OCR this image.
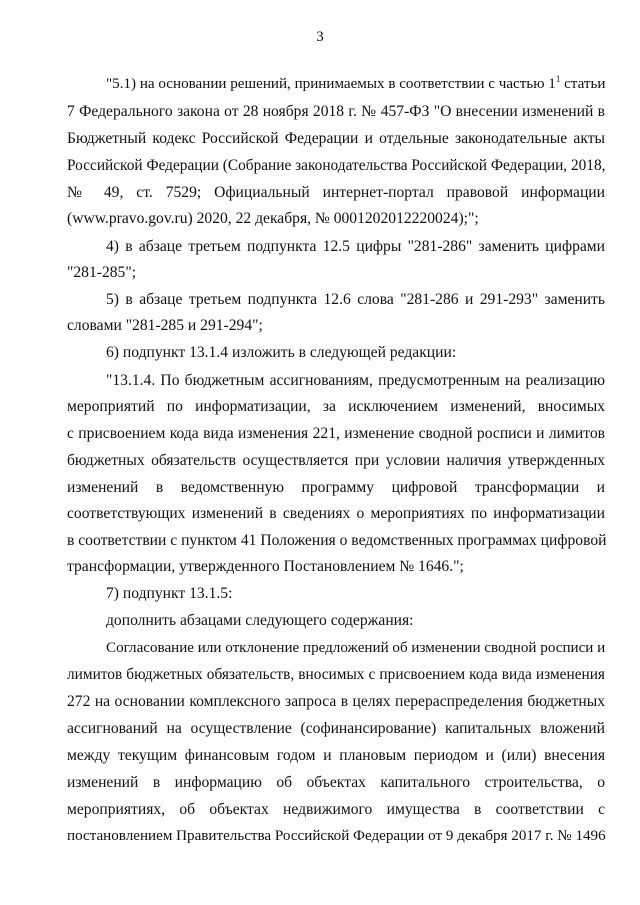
3
"5.1) на основании решений, принимаемых в соответствии с частью $1^1$ статьи
7 Федерального закона от 28 ноября 2018 г. № 457-ФЗ "О внесении изменений в
Бюджетный кодекс Российской Федерации и отдельные законодательные акты
Российской Федерации (Собрание законодательства Российской Федерации, 2018,
№ 49, ст. 7529; Официальный интернет-портал правовой информации
(www.pravo.gov.ru) 2020, 22 декабря, № 0001202012220024);";
4) в абзаце третьем подпункта 12.5 цифры "281-286" заменить цифрами
"281-285";
5) в абзаце третьем подпункта 12.6 слова "281-286 и 291-293" заменить
словами "281-285 и 291-294";
6) подпункт 13.1.4 изложить в следующей редакции:
"13.1.4. По бюджетным ассигнованиям, предусмотренным на реализацию
мероприятий по информатизации, за исключением изменений, вносимых
с присвоением кода вида изменения 221, изменение сводной росписи и лимитов
бюджетных обязательств осуществляется при условии наличия утвержденных
изменений в ведомственную программу цифровой трансформации и
соответствующих изменений в сведениях о мероприятиях по информатизации
в соответствии с пунктом 41 Положения о ведомственных программах цифровой
трансформации, утвержденного Постановлением № 1646.";
7) подпункт 13.1.5:
дополнить абзацами следующего содержания:
Согласование или отклонение предложений об изменении сводной росписи и
лимитов бюджетных обязательств, вносимых с присвоением кода вида изменения
272 на основании комплексного запроса в целях перераспределения бюджетных
ассигнований на осуществление (софинансирование) капитальных вложений
между текущим финансовым годом и плановым периодом и (или) внесения
изменений в информацию об объектах капитального строительства, о
мероприятиях, об объектах недвижимого имущества в соответствии с
постановлением Правительства Российской Федерации от 9 декабря 2017 г. № 1496
